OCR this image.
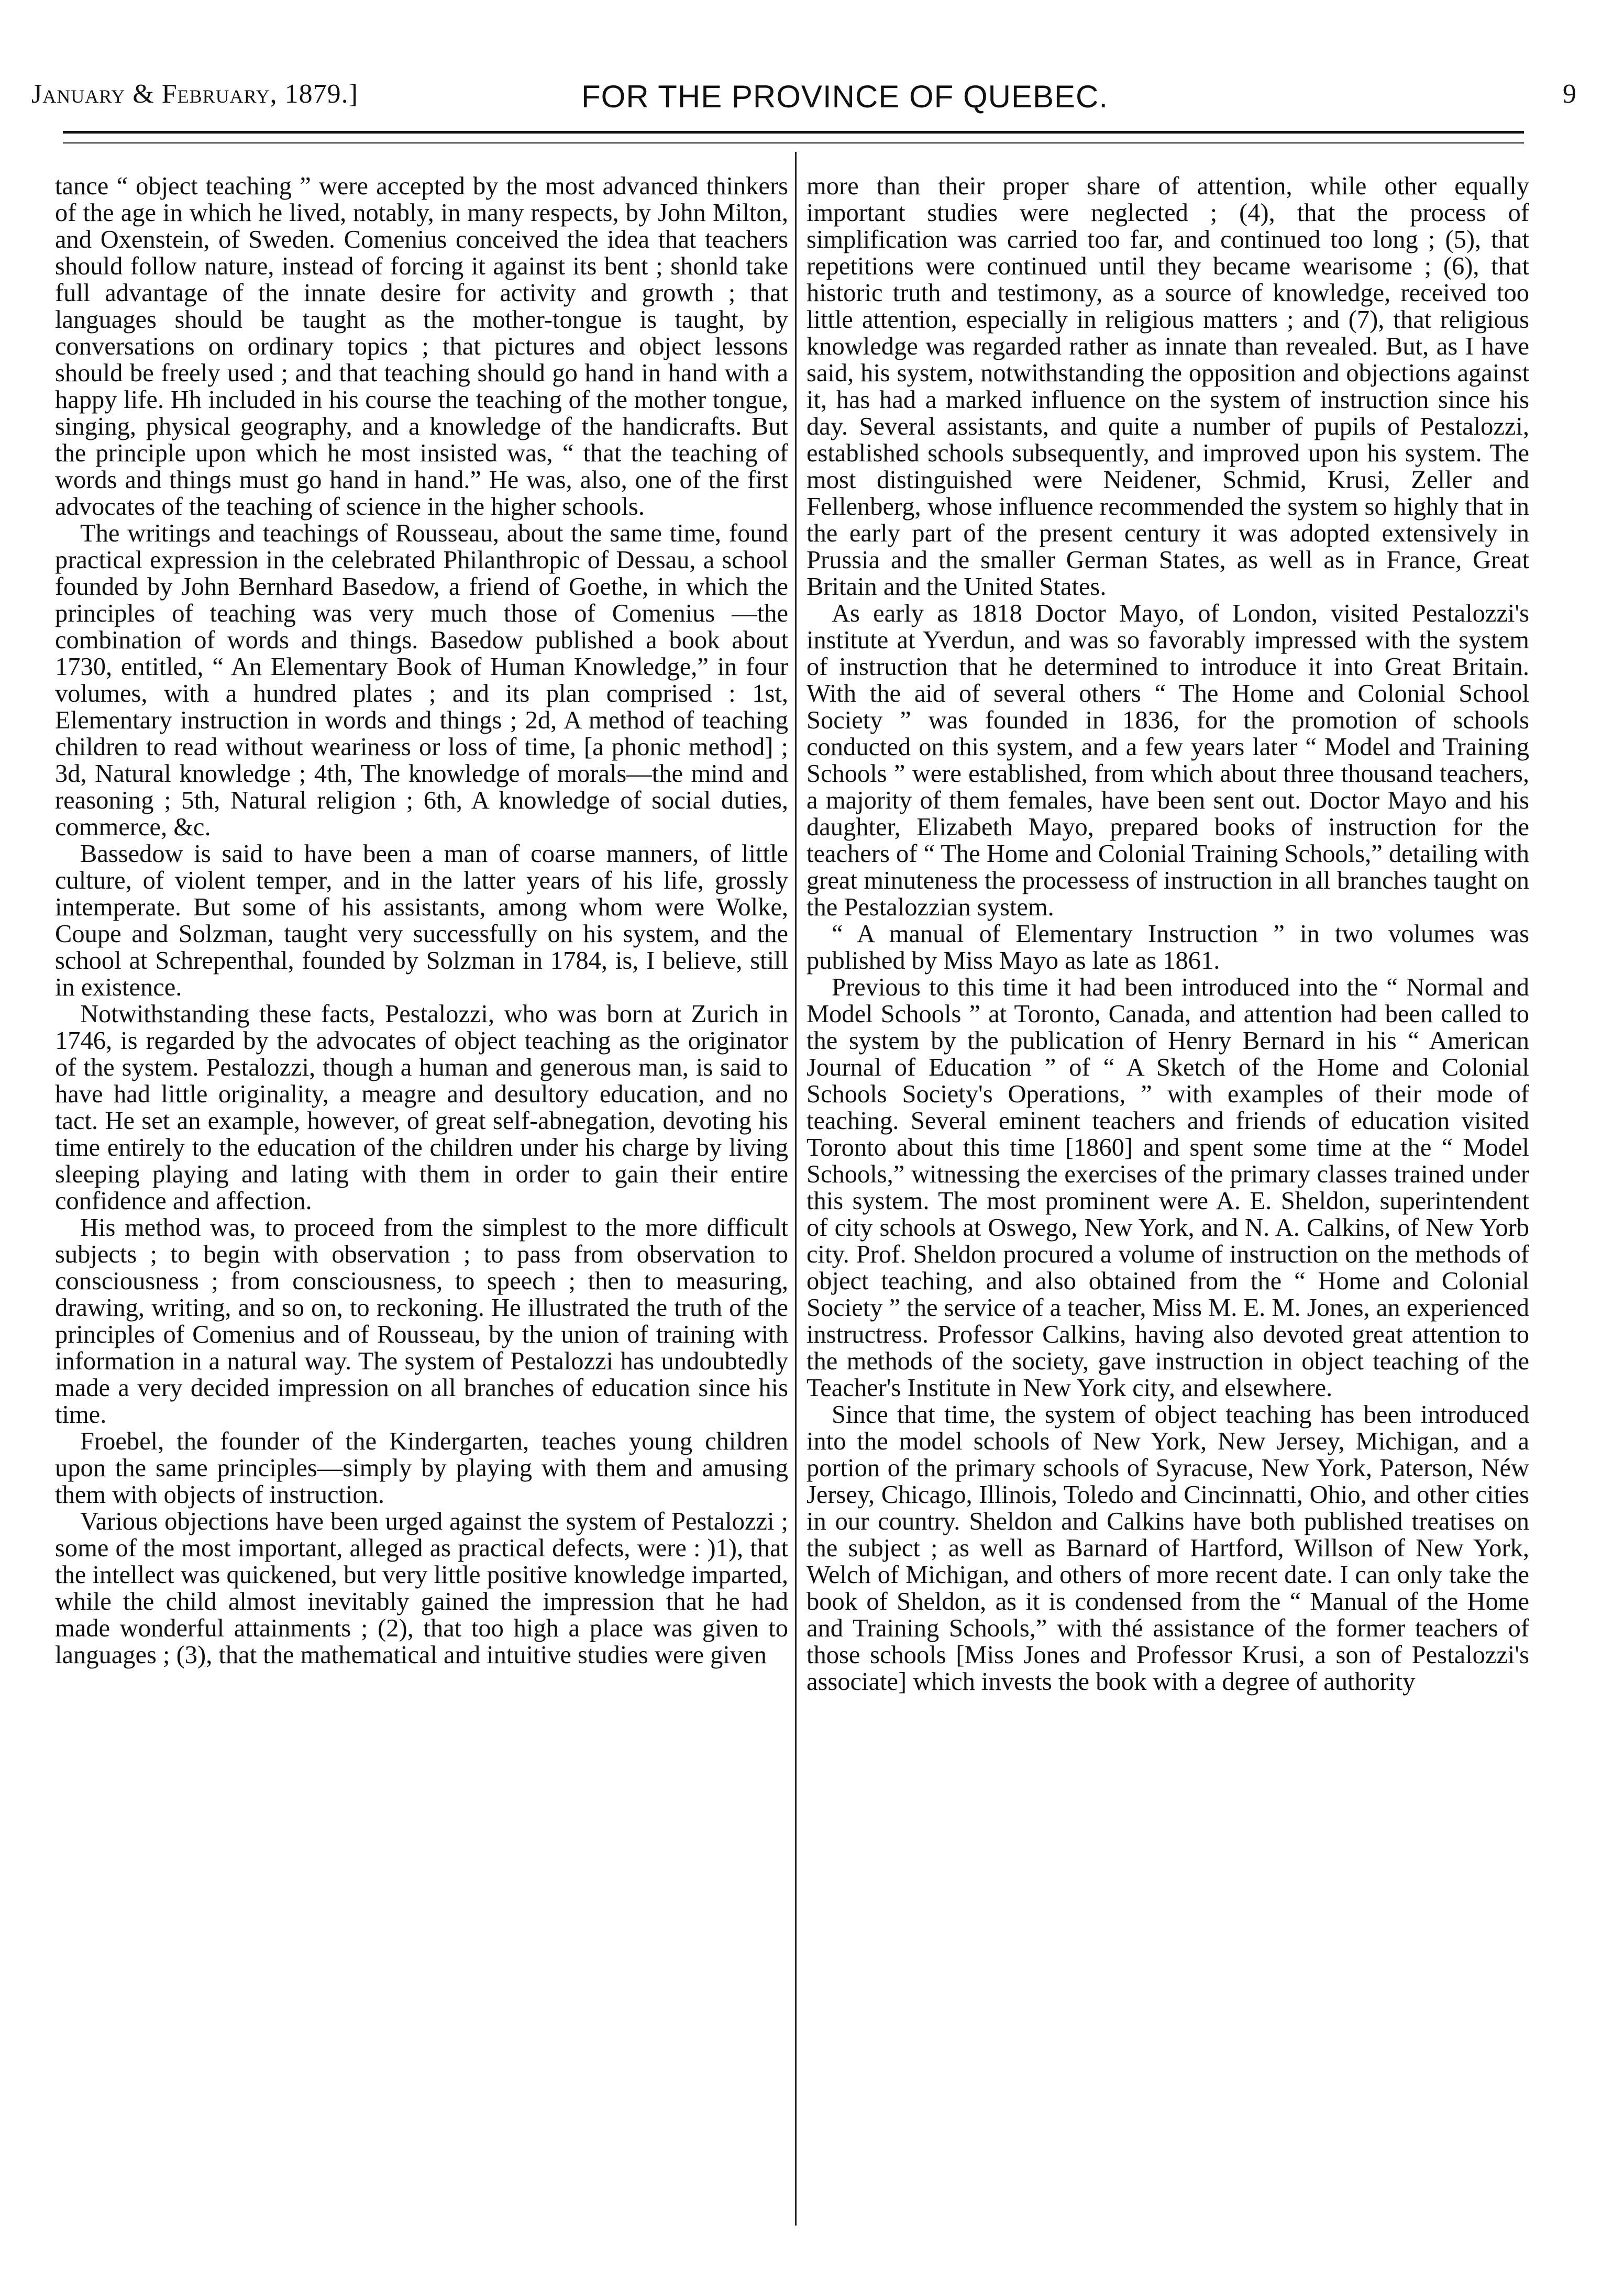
January & February, 1879.]	FOR THE PROVINCE OF QUEBEC.	9

tance “ object teaching ” were accepted by the most advanced thinkers of the age in which he lived, notably, in many respects, by John Milton, and Oxenstein, of Sweden. Comenius conceived the idea that teachers should follow nature, instead of forcing it against its bent ; shonld take full advantage of the innate desire for activity and growth ; that languages should be taught as the mother-tongue is taught, by conversations on ordinary topics ; that pictures and object lessons should be freely used ; and that teaching should go hand in hand with a happy life. Hh included in his course the teaching of the mother tongue, singing, physical geography, and a knowledge of the handicrafts. But the principle upon which he most insisted was, “ that the teaching of words and things must go hand in hand.” He was, also, one of the first advocates of the teaching of science in the higher schools.

The writings and teachings of Rousseau, about the same time, found practical expression in the celebrated Philanthropic of Dessau, a school founded by John Bernhard Basedow, a friend of Goethe, in which the principles of teaching was very much those of Comenius —the combination of words and things. Basedow published a book about 1730, entitled, “ An Elementary Book of Human Knowledge,” in four volumes, with a hundred plates ; and its plan comprised : 1st, Elementary instruction in words and things ; 2d, A method of teaching children to read without weariness or loss of time, [a phonic method] ; 3d, Natural knowledge ; 4th, The knowledge of morals—the mind and reasoning ; 5th, Natural religion ; 6th, A knowledge of social duties, commerce, &c.

Bassedow is said to have been a man of coarse manners, of little culture, of violent temper, and in the latter years of his life, grossly intemperate. But some of his assistants, among whom were Wolke, Coupe and Solzman, taught very successfully on his system, and the school at Schrepenthal, founded by Solzman in 1784, is, I believe, still in existence.

Notwithstanding these facts, Pestalozzi, who was born at Zurich in 1746, is regarded by the advocates of object teaching as the originator of the system. Pestalozzi, though a human and generous man, is said to have had little originality, a meagre and desultory education, and no tact. He set an example, however, of great self-abnegation, devoting his time entirely to the education of the children under his charge by living sleeping playing and lating with them in order to gain their entire confidence and affection.

His method was, to proceed from the simplest to the more difficult subjects ; to begin with observation ; to pass from observation to consciousness ; from consciousness, to speech ; then to measuring, drawing, writing, and so on, to reckoning. He illustrated the truth of the principles of Comenius and of Rousseau, by the union of training with information in a natural way. The system of Pestalozzi has undoubtedly made a very decided impression on all branches of education since his time.

Froebel, the founder of the Kindergarten, teaches young children upon the same principles—simply by playing with them and amusing them with objects of instruction.

Various objections have been urged against the system of Pestalozzi ; some of the most important, alleged as practical defects, were : )1), that the intellect was quickened, but very little positive knowledge imparted, while the child almost inevitably gained the impression that he had made wonderful attainments ; (2), that too high a place was given to languages ; (3), that the mathematical and intuitive studies were given

more than their proper share of attention, while other equally important studies were neglected ; (4), that the process of simplification was carried too far, and continued too long ; (5), that repetitions were continued until they became wearisome ; (6), that historic truth and testimony, as a source of knowledge, received too little attention, especially in religious matters ; and (7), that religious knowledge was regarded rather as innate than revealed. But, as I have said, his system, notwithstanding the opposition and objections against it, has had a marked influence on the system of instruction since his day. Several assistants, and quite a number of pupils of Pestalozzi, established schools subsequently, and improved upon his system. The most distinguished were Neidener, Schmid, Krusi, Zeller and Fellenberg, whose influence recommended the system so highly that in the early part of the present century it was adopted extensively in Prussia and the smaller German States, as well as in France, Great Britain and the United States.

As early as 1818 Doctor Mayo, of London, visited Pestalozzi's institute at Yverdun, and was so favorably impressed with the system of instruction that he determined to introduce it into Great Britain. With the aid of several others “ The Home and Colonial School Society ” was founded in 1836, for the promotion of schools conducted on this system, and a few years later “ Model and Training Schools ” were established, from which about three thousand teachers, a majority of them females, have been sent out. Doctor Mayo and his daughter, Elizabeth Mayo, prepared books of instruction for the teachers of “ The Home and Colonial Training Schools,” detailing with great minuteness the processess of instruction in all branches taught on the Pestalozzian system.

“ A manual of Elementary Instruction ” in two volumes was published by Miss Mayo as late as 1861.

Previous to this time it had been introduced into the “ Normal and Model Schools ” at Toronto, Canada, and attention had been called to the system by the publication of Henry Bernard in his “ American Journal of Education ” of “ A Sketch of the Home and Colonial Schools Society's Operations, ” with examples of their mode of teaching. Several eminent teachers and friends of education visited Toronto about this time [1860] and spent some time at the “ Model Schools,” witnessing the exercises of the primary classes trained under this system. The most prominent were A. E. Sheldon, superintendent of city schools at Oswego, New York, and N. A. Calkins, of New Yorb city. Prof. Sheldon procured a volume of instruction on the methods of object teaching, and also obtained from the “ Home and Colonial Society ” the service of a teacher, Miss M. E. M. Jones, an experienced instructress. Professor Calkins, having also devoted great attention to the methods of the society, gave instruction in object teaching of the Teacher's Institute in New York city, and elsewhere.

Since that time, the system of object teaching has been introduced into the model schools of New York, New Jersey, Michigan, and a portion of the primary schools of Syracuse, New York, Paterson, Néw Jersey, Chicago, Illinois, Toledo and Cincinnatti, Ohio, and other cities in our country. Sheldon and Calkins have both published treatises on the subject ; as well as Barnard of Hartford, Willson of New York, Welch of Michigan, and others of more recent date. I can only take the book of Sheldon, as it is condensed from the “ Manual of the Home and Training Schools,” with thé assistance of the former teachers of those schools [Miss Jones and Professor Krusi, a son of Pestalozzi's associate] which invests the book with a degree of authority
